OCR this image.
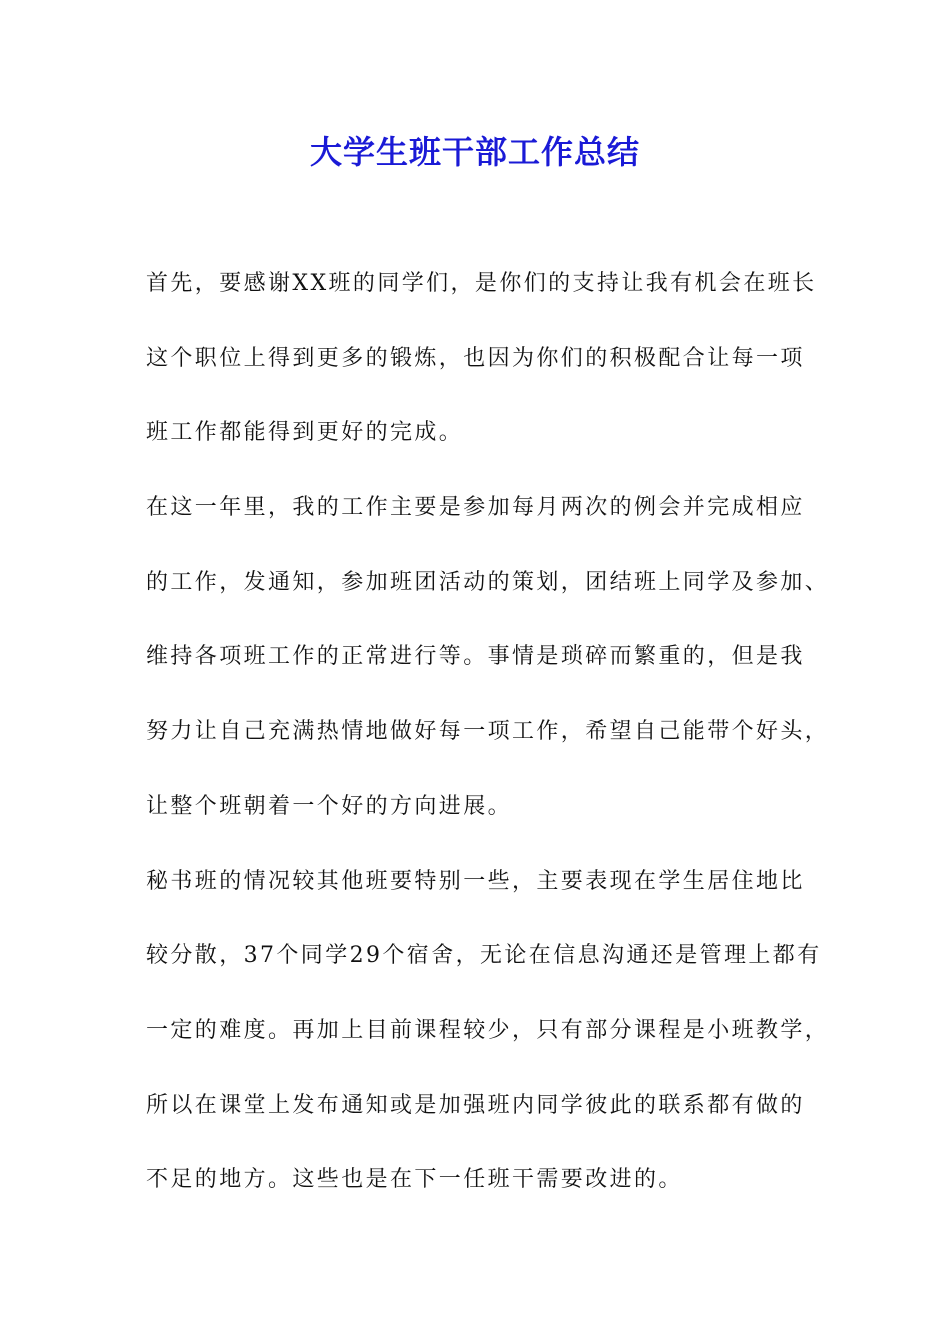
大学生班干部工作总结
首先，要感谢XX班的同学们，是你们的支持让我有机会在班长
这个职位上得到更多的锻炼，也因为你们的积极配合让每一项
班工作都能得到更好的完成。
在这一年里，我的工作主要是参加每月两次的例会并完成相应
的工作，发通知，参加班团活动的策划，团结班上同学及参加、
维持各项班工作的正常进行等。事情是琐碎而繁重的，但是我
努力让自己充满热情地做好每一项工作，希望自己能带个好头，
让整个班朝着一个好的方向进展。
秘书班的情况较其他班要特别一些，主要表现在学生居住地比
较分散，37个同学29个宿舍，无论在信息沟通还是管理上都有
一定的难度。再加上目前课程较少，只有部分课程是小班教学，
所以在课堂上发布通知或是加强班内同学彼此的联系都有做的
不足的地方。这些也是在下一任班干需要改进的。
